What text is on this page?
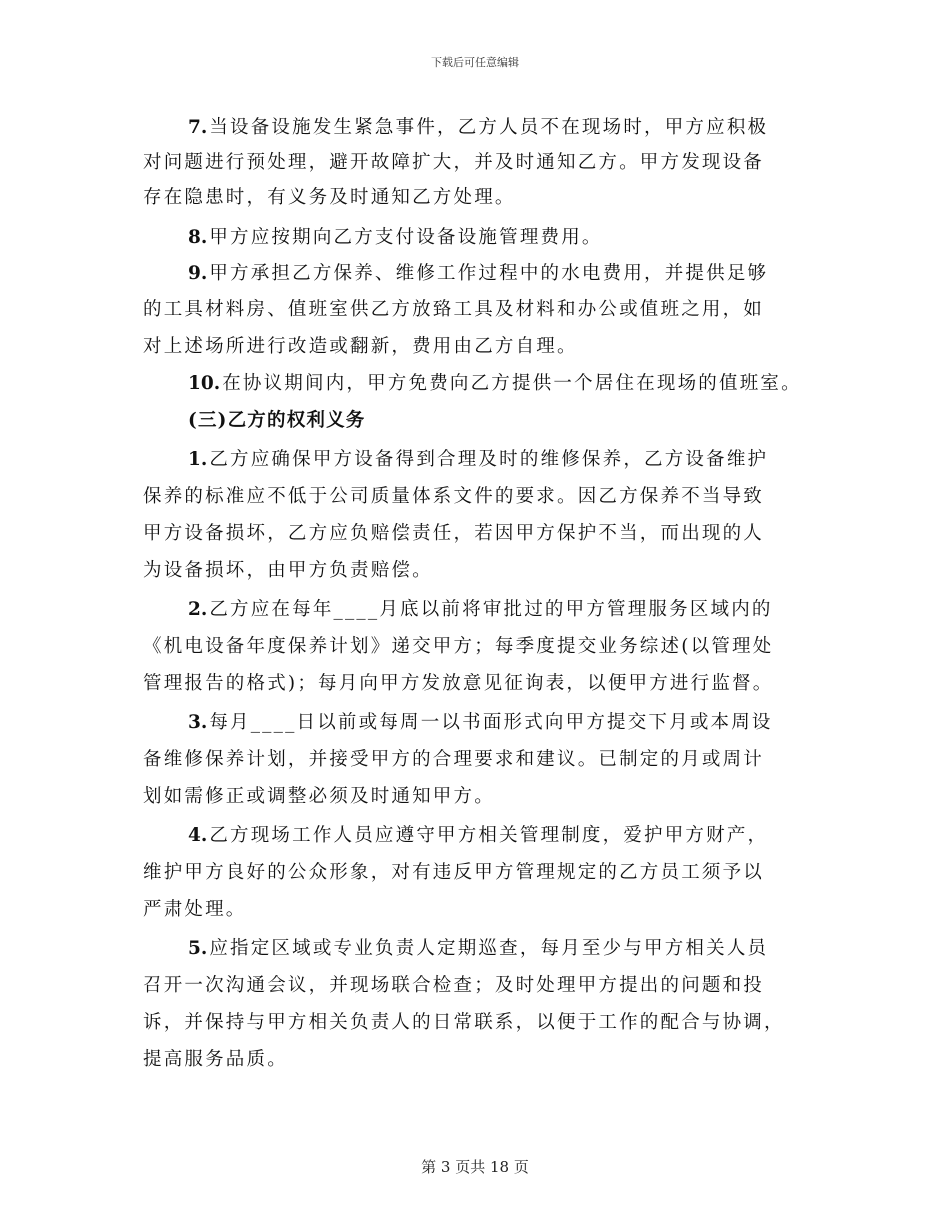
下载后可任意编辑
7. 当设备设施发生紧急事件，乙方人员不在现场时，甲方应积极
对问题进行预处理，避开故障扩大，并及时通知乙方。甲方发现设备
存在隐患时，有义务及时通知乙方处理。
8. 甲方应按期向乙方支付设备设施管理费用。
9. 甲方承担乙方保养、维修工作过程中的水电费用，并提供足够
的工具材料房、值班室供乙方放臵工具及材料和办公或值班之用，如
对上述场所进行改造或翻新，费用由乙方自理。
10. 在协议期间内，甲方免费向乙方提供一个居住在现场的值班室。
(三)乙方的权利义务
1. 乙方应确保甲方设备得到合理及时的维修保养，乙方设备维护
保养的标准应不低于公司质量体系文件的要求。因乙方保养不当导致
甲方设备损坏，乙方应负赔偿责任，若因甲方保护不当，而出现的人
为设备损坏，由甲方负责赔偿。
2. 乙方应在每年____月底以前将审批过的甲方管理服务区域内的
《机电设备年度保养计划》递交甲方；每季度提交业务综述(以管理处
管理报告的格式)；每月向甲方发放意见征询表，以便甲方进行监督。
3. 每月____日以前或每周一以书面形式向甲方提交下月或本周设
备维修保养计划，并接受甲方的合理要求和建议。已制定的月或周计
划如需修正或调整必须及时通知甲方。
4. 乙方现场工作人员应遵守甲方相关管理制度，爱护甲方财产，
维护甲方良好的公众形象，对有违反甲方管理规定的乙方员工须予以
严肃处理。
5. 应指定区域或专业负责人定期巡查，每月至少与甲方相关人员
召开一次沟通会议，并现场联合检查；及时处理甲方提出的问题和投
诉，并保持与甲方相关负责人的日常联系，以便于工作的配合与协调，
提高服务品质。
第 3 页共 18 页
